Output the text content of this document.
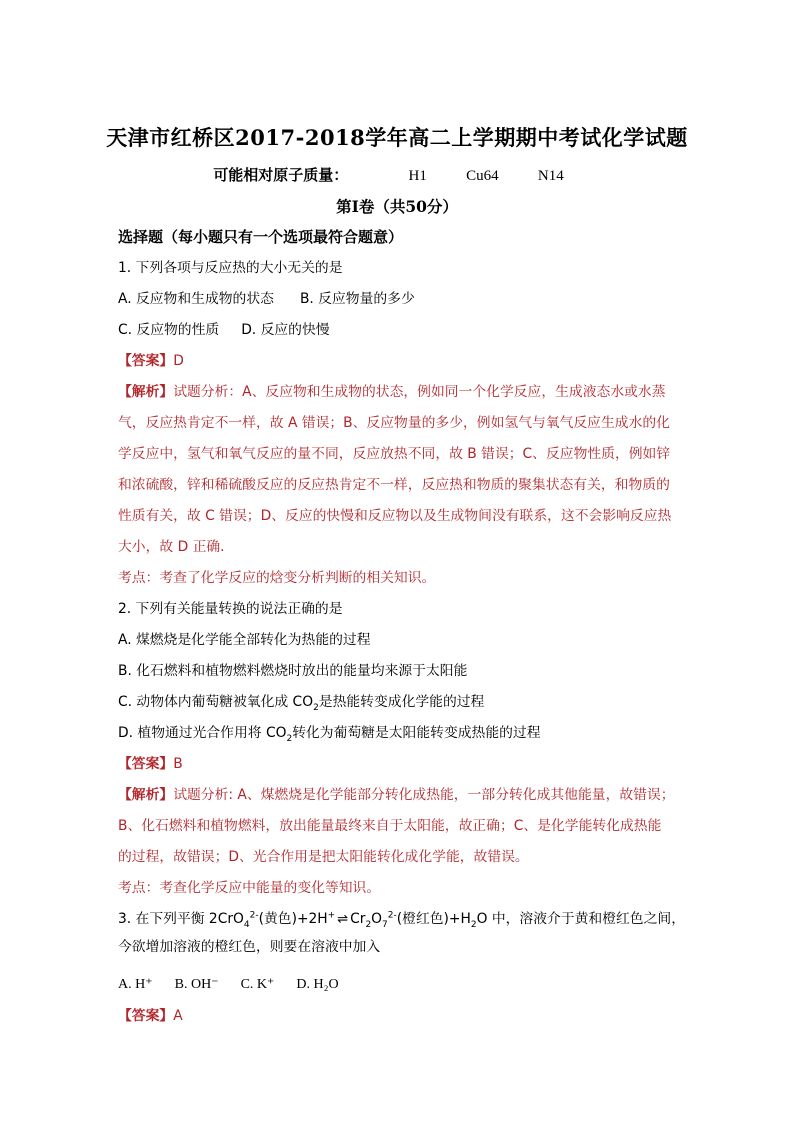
天津市红桥区2017-2018学年高二上学期期中考试化学试题
可能相对原子质量：	H1	Cu64	N14
第Ⅰ卷（共50分）
选择题（每小题只有一个选项最符合题意）
1. 下列各项与反应热的大小无关的是
A. 反应物和生成物的状态 B. 反应物量的多少
C. 反应物的性质 D. 反应的快慢
【答案】D
【解析】试题分析：A、反应物和生成物的状态，例如同一个化学反应，生成液态水或水蒸
气，反应热肯定不一样，故 A 错误；B、反应物量的多少，例如氢气与氧气反应生成水的化
学反应中，氢气和氧气反应的量不同，反应放热不同，故 B 错误；C、反应物性质，例如锌
和浓硫酸，锌和稀硫酸反应的反应热肯定不一样，反应热和物质的聚集状态有关，和物质的
性质有关，故 C 错误；D、反应的快慢和反应物以及生成物间没有联系，这不会影响反应热
大小，故 D 正确.
考点：考查了化学反应的焓变分析判断的相关知识。
2. 下列有关能量转换的说法正确的是
A. 煤燃烧是化学能全部转化为热能的过程
B. 化石燃料和植物燃料燃烧时放出的能量均来源于太阳能
C. 动物体内葡萄糖被氧化成 $CO_2$是热能转变成化学能的过程
D. 植物通过光合作用将 $CO_2$转化为葡萄糖是太阳能转变成热能的过程
【答案】B
【解析】试题分析: A、煤燃烧是化学能部分转化成热能，一部分转化成其他能量，故错误；
B、化石燃料和植物燃料，放出能量最终来自于太阳能，故正确；C、是化学能转化成热能
的过程，故错误；D、光合作用是把太阳能转化成化学能，故错误。
考点：考查化学反应中能量的变化等知识。
3. 在下列平衡 2CrO$_4^{2-}$(黄色)+2H+ ⇌ $Cr_2O_7^{2-}$(橙红色)$+H_2O$ 中，溶液介于黄和橙红色之间，
今欲增加溶液的橙红色，则要在溶液中加入
A. H⁺ B. OH⁻ C. K⁺ D. H₂O
【答案】A
